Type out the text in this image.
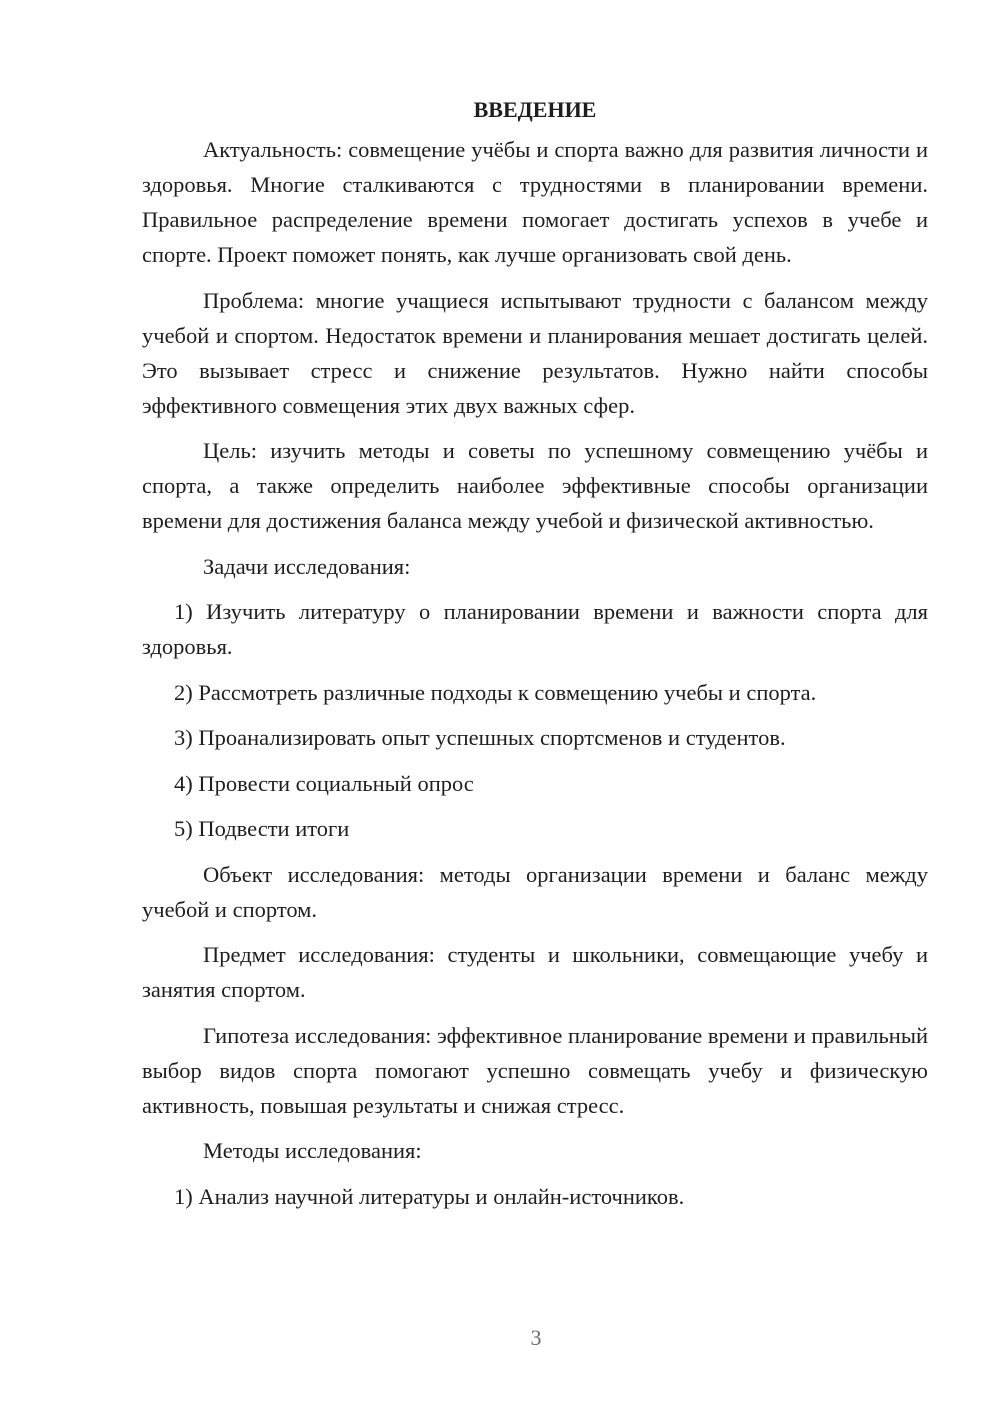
ВВЕДЕНИЕ

Актуальность: совмещение учёбы и спорта важно для развития личности и здоровья. Многие сталкиваются с трудностями в планировании времени. Правильное распределение времени помогает достигать успехов в учебе и спорте. Проект поможет понять, как лучше организовать свой день.

Проблема: многие учащиеся испытывают трудности с балансом между учебой и спортом. Недостаток времени и планирования мешает достигать целей. Это вызывает стресс и снижение результатов. Нужно найти способы эффективного совмещения этих двух важных сфер.

Цель: изучить методы и советы по успешному совмещению учёбы и спорта, а также определить наиболее эффективные способы организации времени для достижения баланса между учебой и физической активностью.

Задачи исследования:

1) Изучить литературу о планировании времени и важности спорта для здоровья.

2) Рассмотреть различные подходы к совмещению учебы и спорта.

3) Проанализировать опыт успешных спортсменов и студентов.

4) Провести социальный опрос

5) Подвести итоги

Объект исследования: методы организации времени и баланс между учебой и спортом.

Предмет исследования: студенты и школьники, совмещающие учебу и занятия спортом.

Гипотеза исследования: эффективное планирование времени и правильный выбор видов спорта помогают успешно совмещать учебу и физическую активность, повышая результаты и снижая стресс.

Методы исследования:

1) Анализ научной литературы и онлайн-источников.

3
